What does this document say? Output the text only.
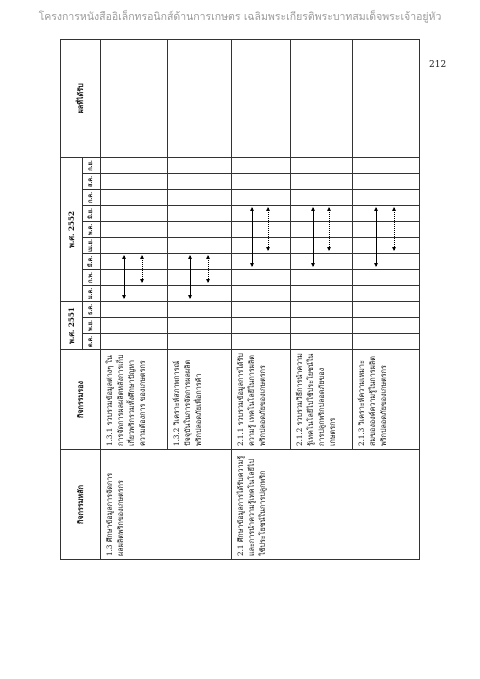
โครงการหนังสืออิเล็กทรอนิกส์ด้านการเกษตร เฉลิมพระเกียรติพระบาทสมเด็จพระเจ้าอยู่หัว
212
กิจกรรมหลัก	กิจกรรมรอง	พ.ศ. 2551			พ.ศ. 2552									ผลที่ได้รับ
		ต.ค.	พ.ย.	ธ.ค.	ม.ค.	ก.พ.	มี.ค.	เม.ย.	พ.ค.	มิ.ย.	ก.ค.	ส.ค.	ก.ย.	
1.3 ศึกษาข้อมูลการจัดการผลผลิตพริกของเกษตรกร	1.3.1 รวบรวมข้อมูลต่างๆ ในการจัดการผลผลิตหลังการเก็บเกี่ยวพริกรวมทั้งศึกษาปัญหา ความต้องการ ของเกษตรกร	

	1.3.2 วิเคราะห์สภาพการณ์ปัจจุบันในการจัดการผลผลิตพริกปลอดภัยเพื่อการค้า	

2.1 ศึกษาข้อมูลการได้รับความรู้และการนำความรู้เทคโนโลยีไปใช้ประโยชน์ในการปลูกพริก	2.1.1 รวบรวมข้อมูลการได้รับความรู้ เทคโนโลยีในการผลิตพริกปลอดภัยของเกษตรกร	

	2.1.2 รวบรวมวิธีการนำความรู้เทคโนโลยีไปใช้ประโยชน์ในการปลูกพริกปลอดภัยของเกษตรกร	

	2.1.3 วิเคราะห์ความเหมาะสมขององค์ความรู้ในการผลิตพริกปลอดภัยของเกษตรกร	
